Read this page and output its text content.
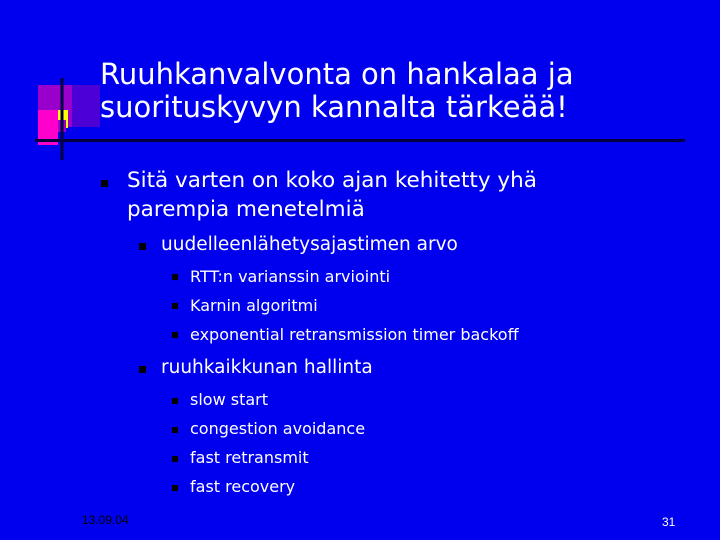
Ruuhkanvalvonta on hankalaa ja
suorituskyvyn kannalta tärkeää!
Sitä varten on koko ajan kehitetty yhä
parempia menetelmiä
uudelleenlähetysajastimen arvo
RTT:n varianssin arviointi
Karnin algoritmi
exponential retransmission timer backoff
ruuhkaikkunan hallinta
slow start
congestion avoidance
fast retransmit
fast recovery
13.09.04	31
